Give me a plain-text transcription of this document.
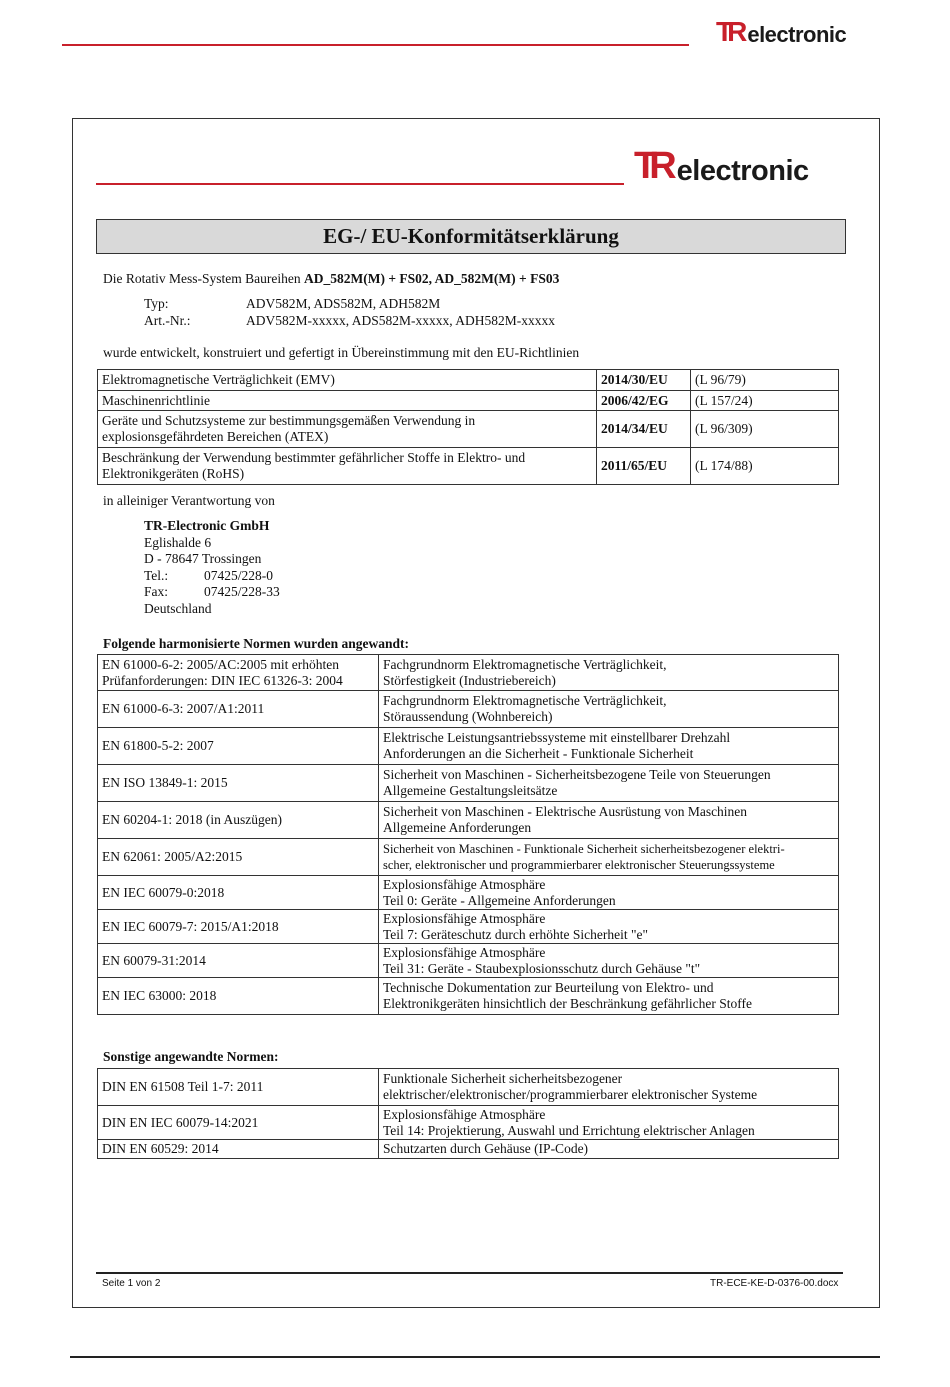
TR electronic
TR electronic
EG-/ EU-Konformitätserklärung
Die Rotativ Mess-System Baureihen AD_582M(M) + FS02, AD_582M(M) + FS03
Typ:	ADV582M, ADS582M, ADH582M
Art.-Nr.:	ADV582M-xxxxx, ADS582M-xxxxx, ADH582M-xxxxx
wurde entwickelt, konstruiert und gefertigt in Übereinstimmung mit den EU-Richtlinien
Elektromagnetische Verträglichkeit (EMV)	2014/30/EU	(L 96/79)
Maschinenrichtlinie	2006/42/EG	(L 157/24)
Geräte und Schutzsysteme zur bestimmungsgemäßen Verwendung in explosionsgefährdeten Bereichen (ATEX)	2014/34/EU	(L 96/309)
Beschränkung der Verwendung bestimmter gefährlicher Stoffe in Elektro- und Elektronikgeräten (RoHS)	2011/65/EU	(L 174/88)
in alleiniger Verantwortung von
TR-Electronic GmbH
Eglishalde 6
D - 78647 Trossingen
Tel.:	07425/228-0
Fax:	07425/228-33
Deutschland
Folgende harmonisierte Normen wurden angewandt:
EN 61000-6-2: 2005/AC:2005 mit erhöhten Prüfanforderungen: DIN IEC 61326-3: 2004	Fachgrundnorm Elektromagnetische Verträglichkeit,
Störfestigkeit (Industriebereich)

EN 61000-6-3: 2007/A1:2011	Fachgrundnorm Elektromagnetische Verträglichkeit,
Störaussendung (Wohnbereich)

EN 61800-5-2: 2007	Elektrische Leistungsantriebssysteme mit einstellbarer Drehzahl
Anforderungen an die Sicherheit - Funktionale Sicherheit

EN ISO 13849-1: 2015	Sicherheit von Maschinen - Sicherheitsbezogene Teile von Steuerungen
Allgemeine Gestaltungsleitsätze

EN 60204-1: 2018 (in Auszügen)	Sicherheit von Maschinen - Elektrische Ausrüstung von Maschinen
Allgemeine Anforderungen

EN 62061: 2005/A2:2015	Sicherheit von Maschinen - Funktionale Sicherheit sicherheitsbezogener elektri-
scher, elektronischer und programmierbarer elektronischer Steuerungssysteme

EN IEC 60079-0:2018	Explosionsfähige Atmosphäre
Teil 0: Geräte - Allgemeine Anforderungen

EN IEC 60079-7: 2015/A1:2018	Explosionsfähige Atmosphäre
Teil 7: Geräteschutz durch erhöhte Sicherheit "e"

EN 60079-31:2014	Explosionsfähige Atmosphäre
Teil 31: Geräte - Staubexplosionsschutz durch Gehäuse "t"

EN IEC 63000: 2018	Technische Dokumentation zur Beurteilung von Elektro- und
Elektronikgeräten hinsichtlich der Beschränkung gefährlicher Stoffe
Sonstige angewandte Normen:
DIN EN 61508 Teil 1-7: 2011	Funktionale Sicherheit sicherheitsbezogener
elektrischer/elektronischer/programmierbarer elektronischer Systeme

DIN EN IEC 60079-14:2021	Explosionsfähige Atmosphäre
Teil 14: Projektierung, Auswahl und Errichtung elektrischer Anlagen

DIN EN 60529: 2014	Schutzarten durch Gehäuse (IP-Code)
Seite 1 von 2	TR-ECE-KE-D-0376-00.docx
